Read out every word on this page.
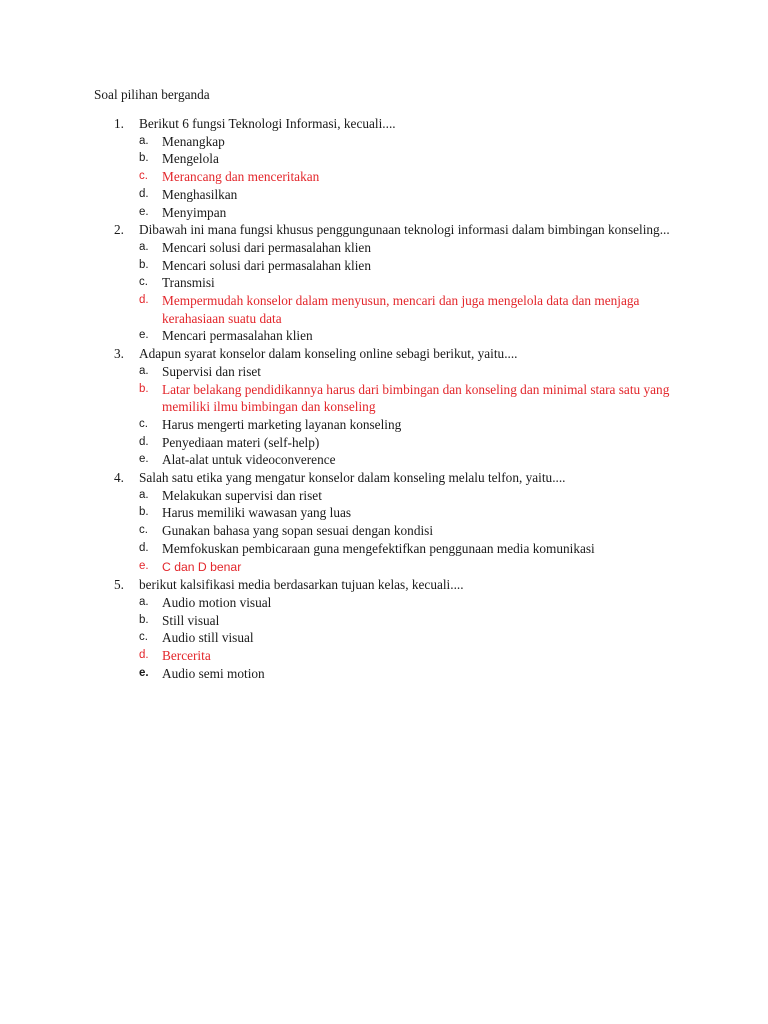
Soal pilihan berganda
1. Berikut 6 fungsi Teknologi Informasi, kecuali....
a. Menangkap
b. Mengelola
c. Merancang dan menceritakan
d. Menghasilkan
e. Menyimpan
2. Dibawah ini mana fungsi khusus penggungunaan teknologi informasi dalam bimbingan konseling...
a. Mencari solusi dari permasalahan klien
b. Mencari solusi dari permasalahan klien
c. Transmisi
d. Mempermudah konselor dalam menyusun, mencari dan juga mengelola data dan menjaga kerahasiaan suatu data
e. Mencari permasalahan klien
3. Adapun syarat konselor dalam konseling online sebagi berikut, yaitu....
a. Supervisi dan riset
b. Latar belakang pendidikannya harus dari bimbingan dan konseling dan minimal stara satu yang memiliki ilmu bimbingan dan konseling
c. Harus mengerti marketing layanan konseling
d. Penyediaan materi (self-help)
e. Alat-alat untuk videoconverence
4. Salah satu etika yang mengatur konselor dalam konseling melalu telfon, yaitu....
a. Melakukan supervisi dan riset
b. Harus memiliki wawasan yang luas
c. Gunakan bahasa yang sopan sesuai dengan kondisi
d. Memfokuskan pembicaraan guna mengefektifkan penggunaan media komunikasi
e. C dan D benar
5. berikut kalsifikasi media berdasarkan tujuan kelas, kecuali....
a. Audio motion visual
b. Still visual
c. Audio still visual
d. Bercerita
e. Audio semi motion
